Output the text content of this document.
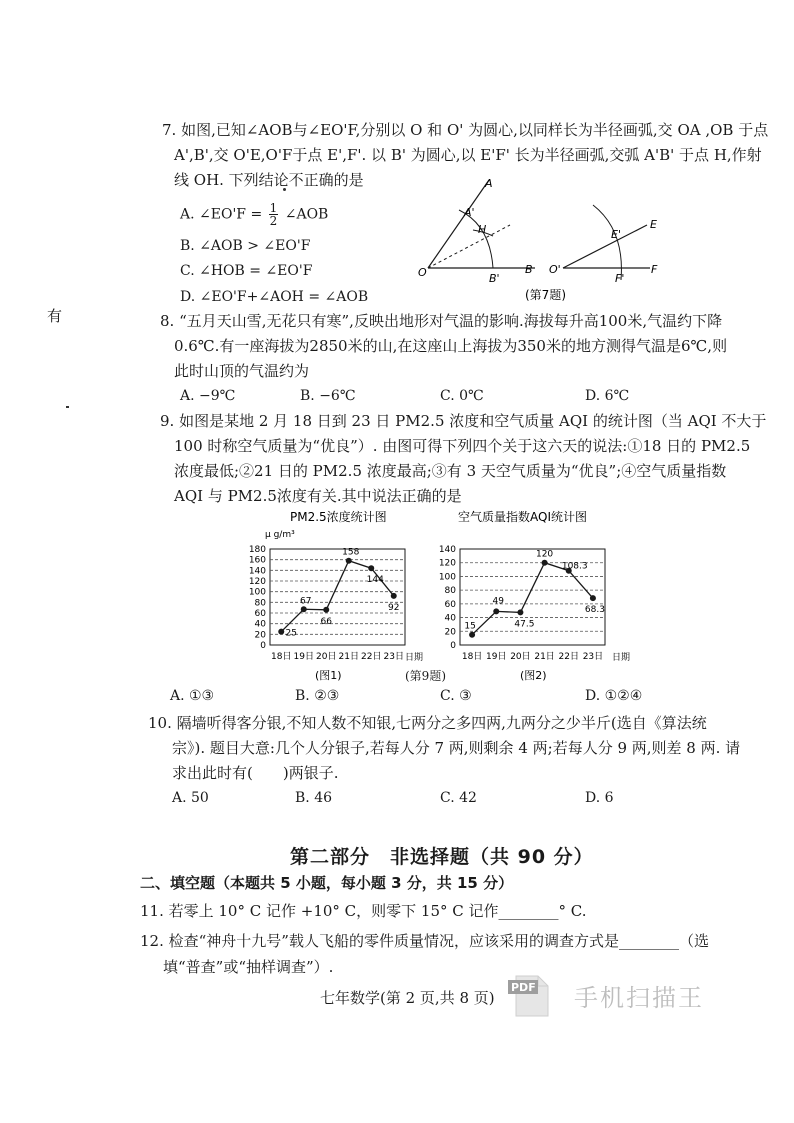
有
7. 如图,已知∠AOB与∠EO'F,分别以 O 和 O' 为圆心,以同样长为半径画弧,交 OA ,OB 于点
A',B',交 O'E,O'F于点 E',F'. 以 B' 为圆心,以 E'F' 长为半径画弧,交弧 A'B' 于点 H,作射
线 OH. 下列结论不正确的是
A. ∠EO'F = $\frac{1}{2}$ ∠AOB
B. ∠AOB > ∠EO'F
C. ∠HOB = ∠EO'F
D. ∠EO'F+∠AOH = ∠AOB
A
A'
H
O	B'
B
E
E'
O'
F'
F
(第7题)
8. “五月天山雪,无花只有寒”,反映出地形对气温的影响.海拔每升高100米,气温约下降
0.6℃.有一座海拔为2850米的山,在这座山上海拔为350米的地方测得气温是6℃,则
此时山顶的气温约为
A. −9℃	B. −6℃	C. 0℃	D. 6℃
9. 如图是某地 2 月 18 日到 23 日 PM2.5 浓度和空气质量 AQI 的统计图（当 AQI 不大于
100 时称空气质量为“优良”）. 由图可得下列四个关于这六天的说法:①18 日的 PM2.5
浓度最低;②21 日的 PM2.5 浓度最高;③有 3 天空气质量为“优良”;④空气质量指数
AQI 与 PM2.5浓度有关.其中说法正确的是
PM2.5浓度统计图
μ g/m³
0
20
40
60
80
100
120
140
160
180
18日 19日 20日 21日 22日 23日
25
67
66
158
144
92
日期
(图1)	(第9题)
空气质量指数AQI统计图
0
20
40
60
80
100
120
140
18日 19日 20日 21日 22日 23日
15
49
47.5
120
108.3
68.3
日期
(图2)
A. ①③	B. ②③	C. ③	D. ①②④
10. 隔墙听得客分银,不知人数不知银,七两分之多四两,九两分之少半斤(选自《算法统
宗》). 题目大意:几个人分银子,若每人分 7 两,则剩余 4 两;若每人分 9 两,则差 8 两. 请
求出此时有(　　)两银子.
A. 50	B. 46	C. 42	D. 6
第二部分　非选择题（共 90 分）
二、填空题（本题共 5 小题，每小题 3 分，共 15 分）
11. 若零上 10° C 记作 +10° C，则零下 15° C 记作________° C.
12. 检查“神舟十九号”载人飞船的零件质量情况，应该采用的调查方式是________（选
填“普查”或“抽样调查”）.
七年数学(第 2 页,共 8 页)
PDF 手机扫描王
